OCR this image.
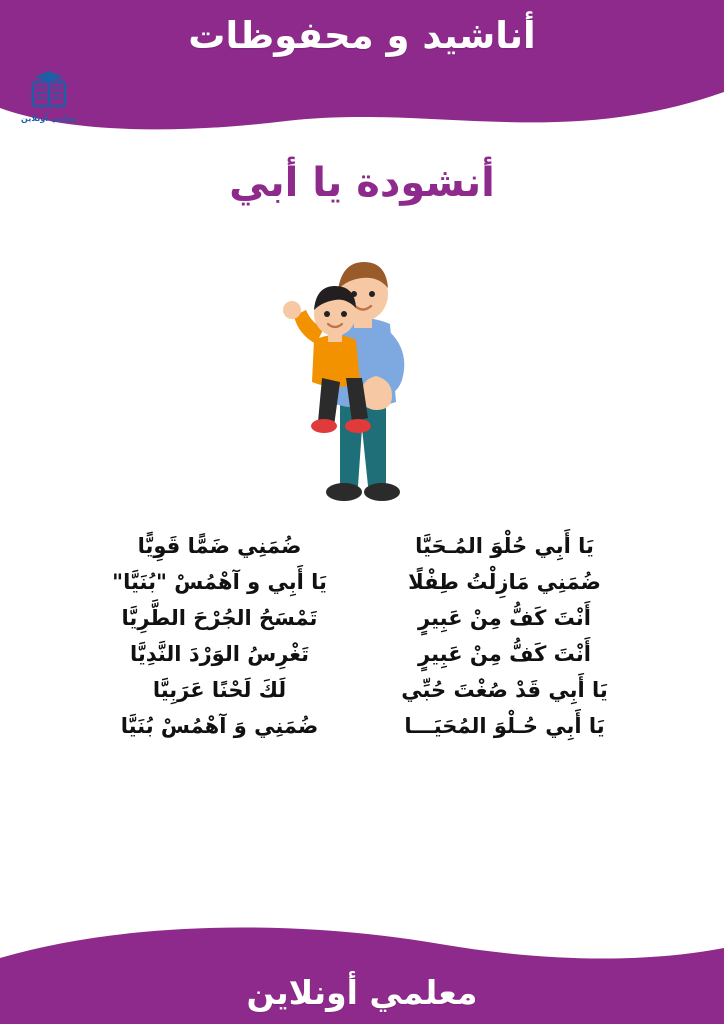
أناشيد و محفوظات
معلمي أونلاين
أنشودة يا أبي
يَا أَبِي حُلْوَ المُـحَيَّا
ضُمَنِي ضَمًّا قَوِيًّا
ضُمَنِي مَازِلْتُ طِفْلًا
يَا أَبِي و آهْمُسْ "بُنَيَّا"
أَنْتَ كَفُّ مِنْ عَبِيرٍ
تَمْسَحُ الجُرْحَ الطَّرِيَّا
أَنْتَ كَفُّ مِنْ عَبِيرٍ
تَغْرِسُ الوَرْدَ النَّدِيَّا
يَا أَبِي قَدْ صُغْتَ حُبِّي
لَكَ لَحْنًا عَرَبِيَّا
يَا أَبِي حُـلْوَ المُحَيَـــا
ضُمَنِي وَ آهْمُسْ بُنَيَّا
معلمي أونلاين
